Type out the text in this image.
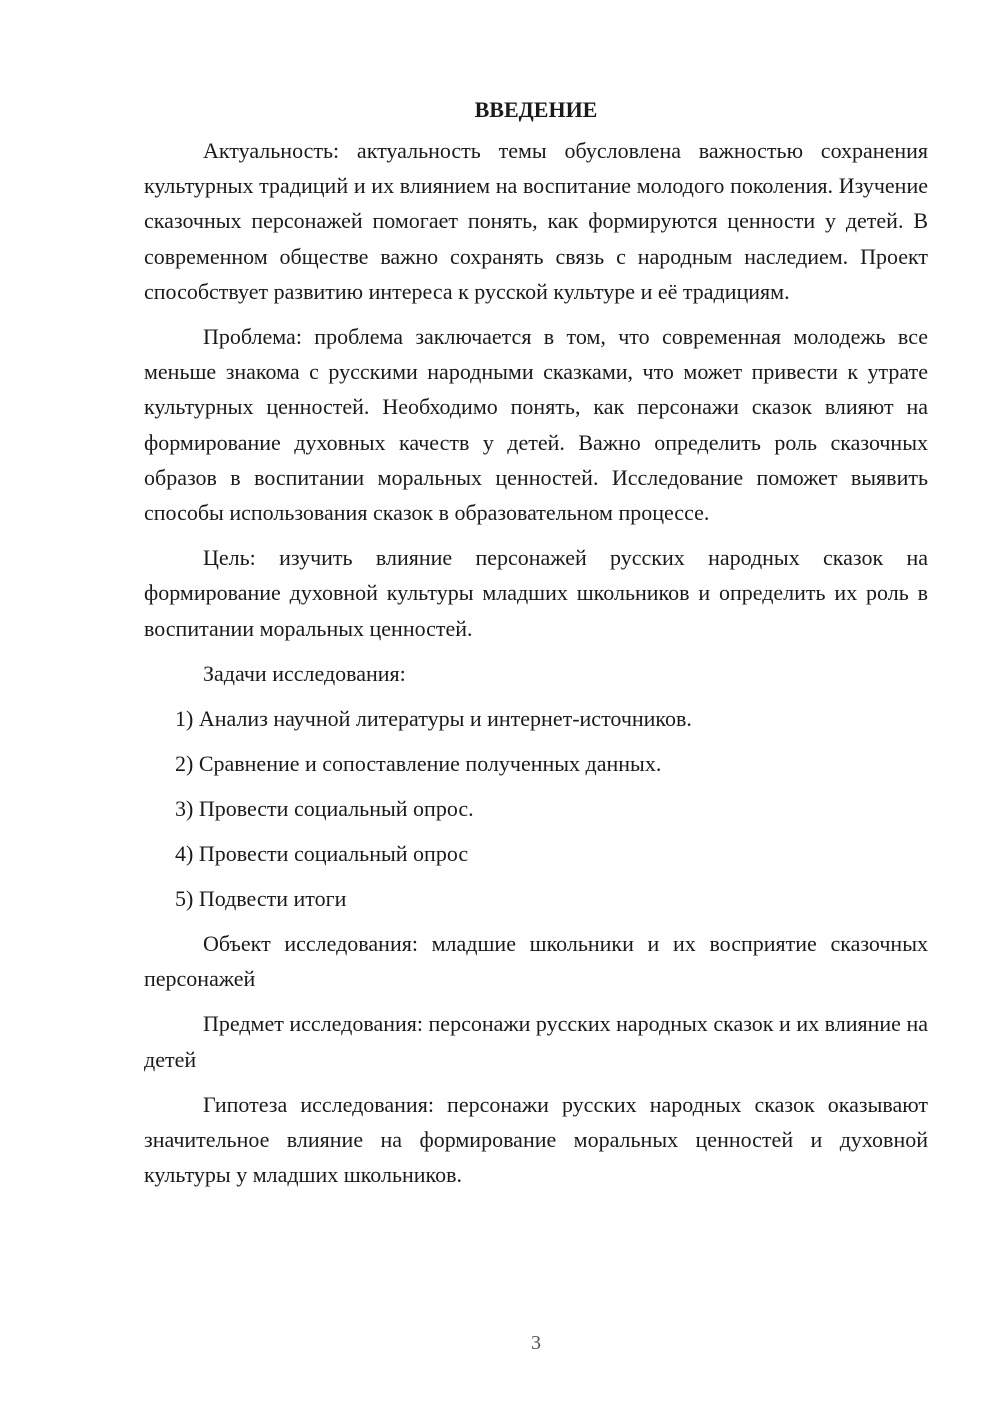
ВВЕДЕНИЕ

Актуальность: актуальность темы обусловлена важностью сохранения культурных традиций и их влиянием на воспитание молодого поколения. Изучение сказочных персонажей помогает понять, как формируются ценности у детей. В современном обществе важно сохранять связь с народным наследием. Проект способствует развитию интереса к русской культуре и её традициям.

Проблема: проблема заключается в том, что современная молодежь все меньше знакома с русскими народными сказками, что может привести к утрате культурных ценностей. Необходимо понять, как персонажи сказок влияют на формирование духовных качеств у детей. Важно определить роль сказочных образов в воспитании моральных ценностей. Исследование поможет выявить способы использования сказок в образовательном процессе.

Цель: изучить влияние персонажей русских народных сказок на формирование духовной культуры младших школьников и определить их роль в воспитании моральных ценностей.

Задачи исследования:

1) Анализ научной литературы и интернет-источников.
2) Сравнение и сопоставление полученных данных.
3) Провести социальный опрос.
4) Провести социальный опрос
5) Подвести итоги

Объект исследования: младшие школьники и их восприятие сказочных персонажей

Предмет исследования: персонажи русских народных сказок и их влияние на детей

Гипотеза исследования: персонажи русских народных сказок оказывают значительное влияние на формирование моральных ценностей и духовной культуры у младших школьников.

3
